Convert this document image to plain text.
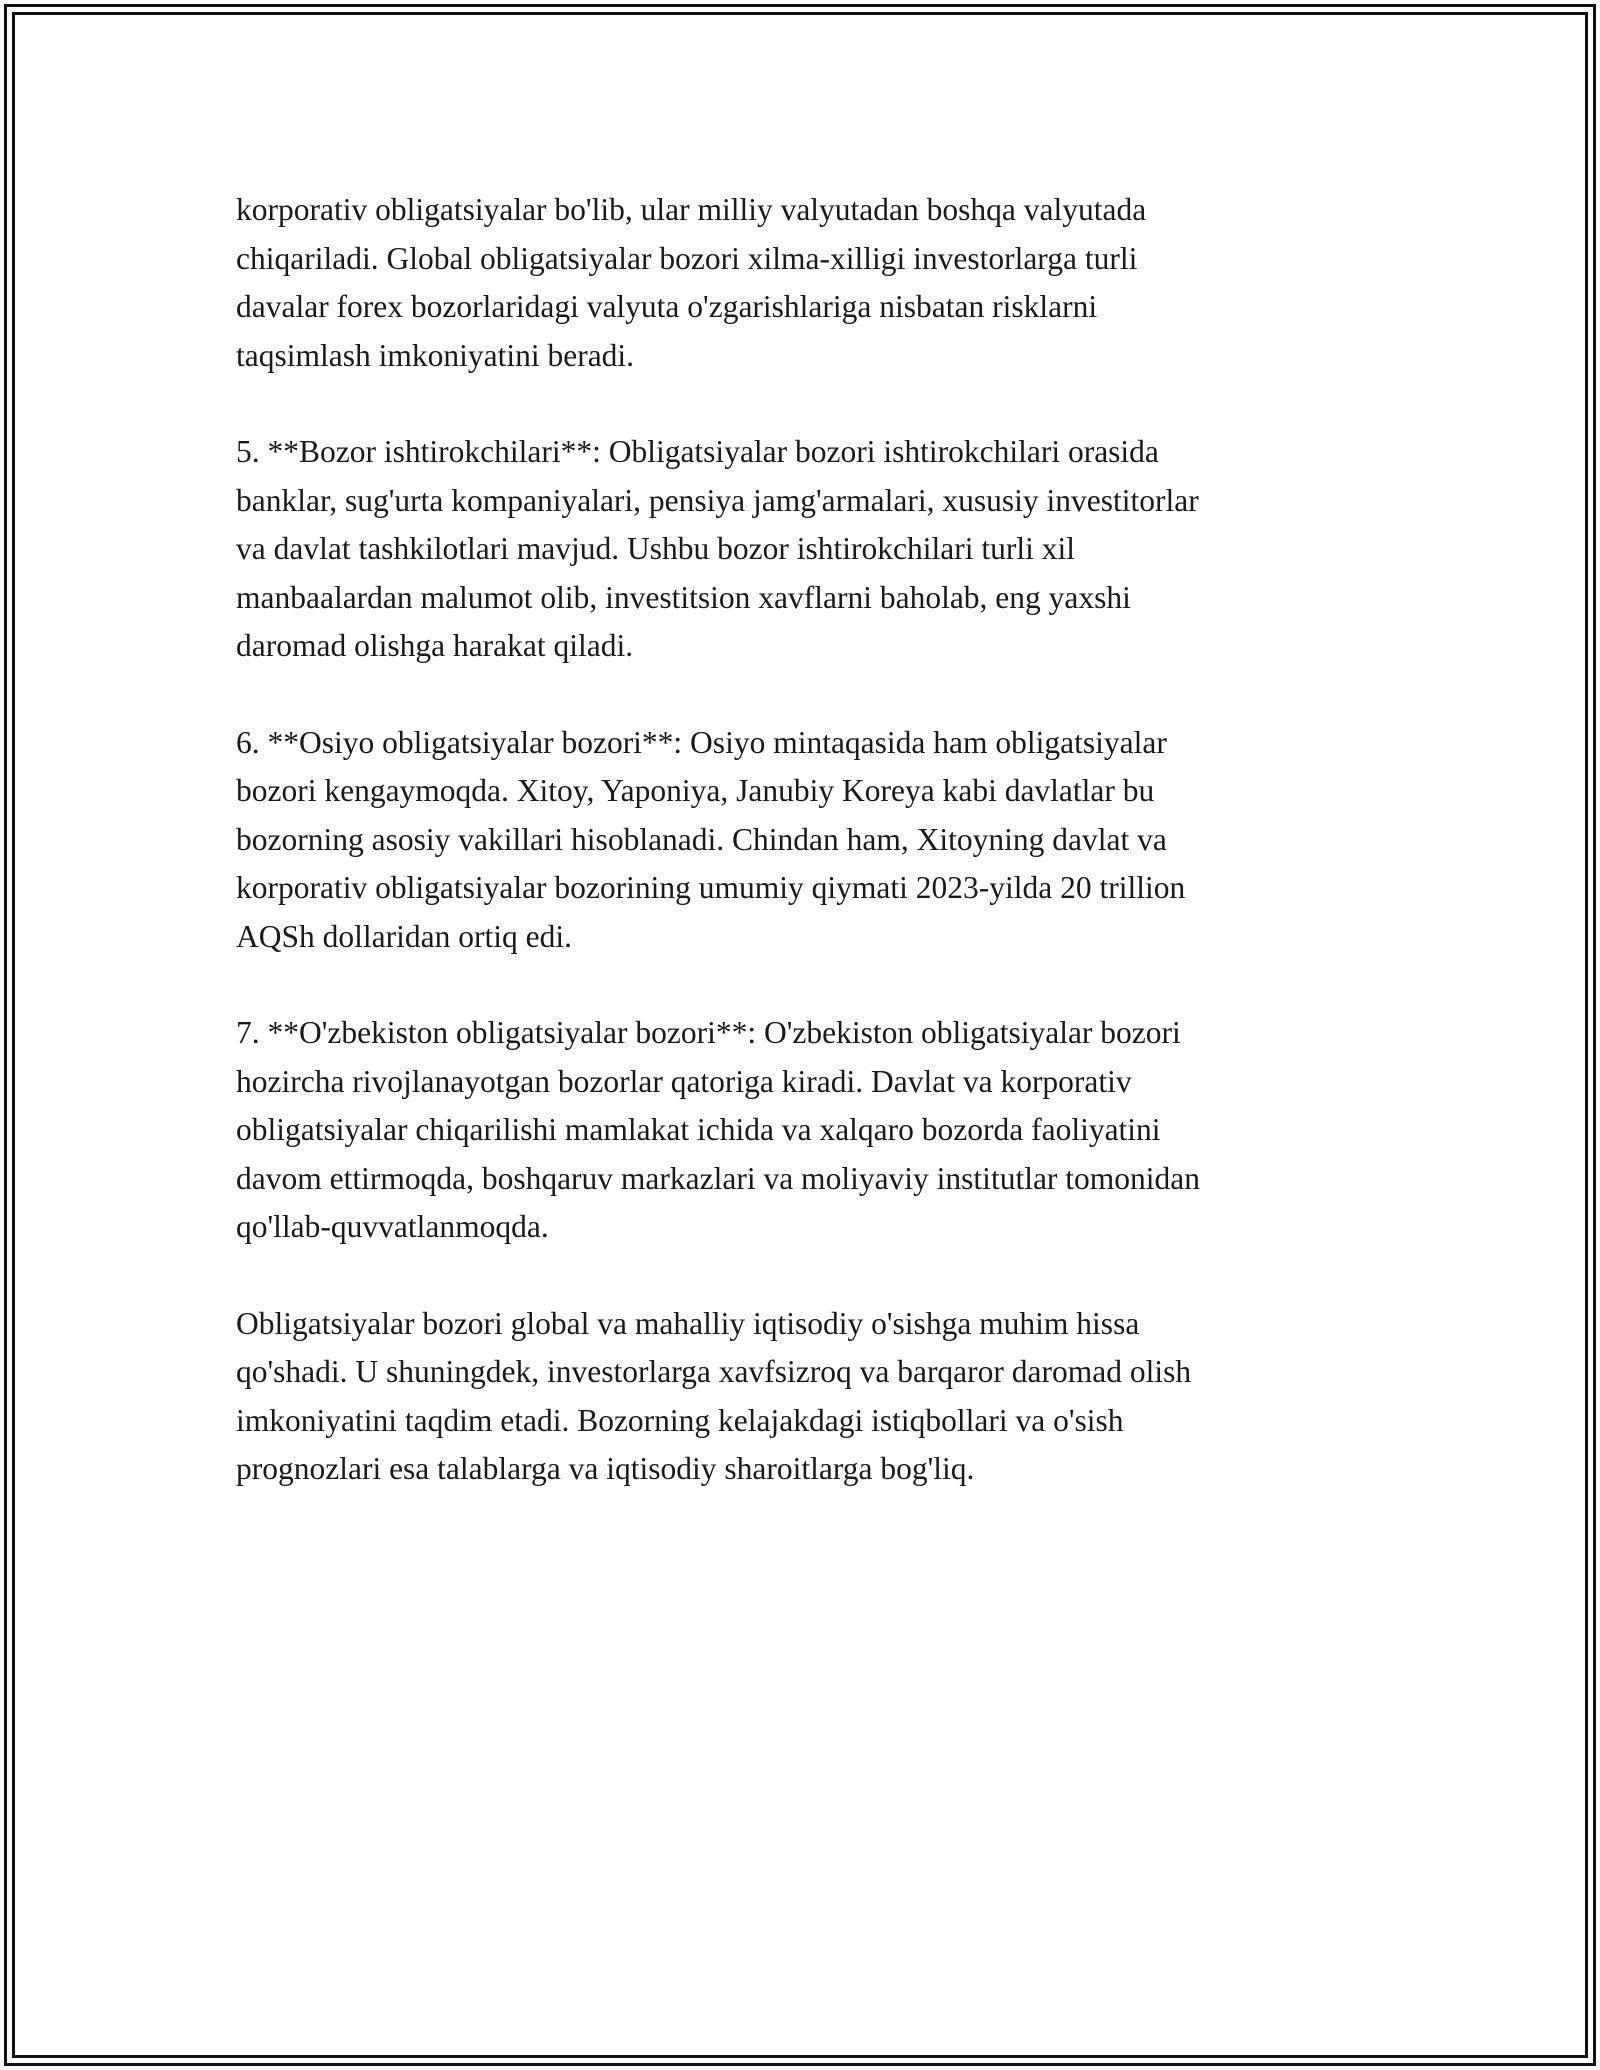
korporativ obligatsiyalar bo'lib, ular milliy valyutadan boshqa valyutada
chiqariladi. Global obligatsiyalar bozori xilma-xilligi investorlarga turli
davalar forex bozorlaridagi valyuta o'zgarishlariga nisbatan risklarni
taqsimlash imkoniyatini beradi.

5. **Bozor ishtirokchilari**: Obligatsiyalar bozori ishtirokchilari orasida
banklar, sug'urta kompaniyalari, pensiya jamg'armalari, xususiy investitorlar
va davlat tashkilotlari mavjud. Ushbu bozor ishtirokchilari turli xil
manbaalardan malumot olib, investitsion xavflarni baholab, eng yaxshi
daromad olishga harakat qiladi.

6. **Osiyo obligatsiyalar bozori**: Osiyo mintaqasida ham obligatsiyalar
bozori kengaymoqda. Xitoy, Yaponiya, Janubiy Koreya kabi davlatlar bu
bozorning asosiy vakillari hisoblanadi. Chindan ham, Xitoyning davlat va
korporativ obligatsiyalar bozorining umumiy qiymati 2023-yilda 20 trillion
AQSh dollaridan ortiq edi.

7. **O'zbekiston obligatsiyalar bozori**: O'zbekiston obligatsiyalar bozori
hozircha rivojlanayotgan bozorlar qatoriga kiradi. Davlat va korporativ
obligatsiyalar chiqarilishi mamlakat ichida va xalqaro bozorda faoliyatini
davom ettirmoqda, boshqaruv markazlari va moliyaviy institutlar tomonidan
qo'llab-quvvatlanmoqda.

Obligatsiyalar bozori global va mahalliy iqtisodiy o'sishga muhim hissa
qo'shadi. U shuningdek, investorlarga xavfsizroq va barqaror daromad olish
imkoniyatini taqdim etadi. Bozorning kelajakdagi istiqbollari va o'sish
prognozlari esa talablarga va iqtisodiy sharoitlarga bog'liq.
